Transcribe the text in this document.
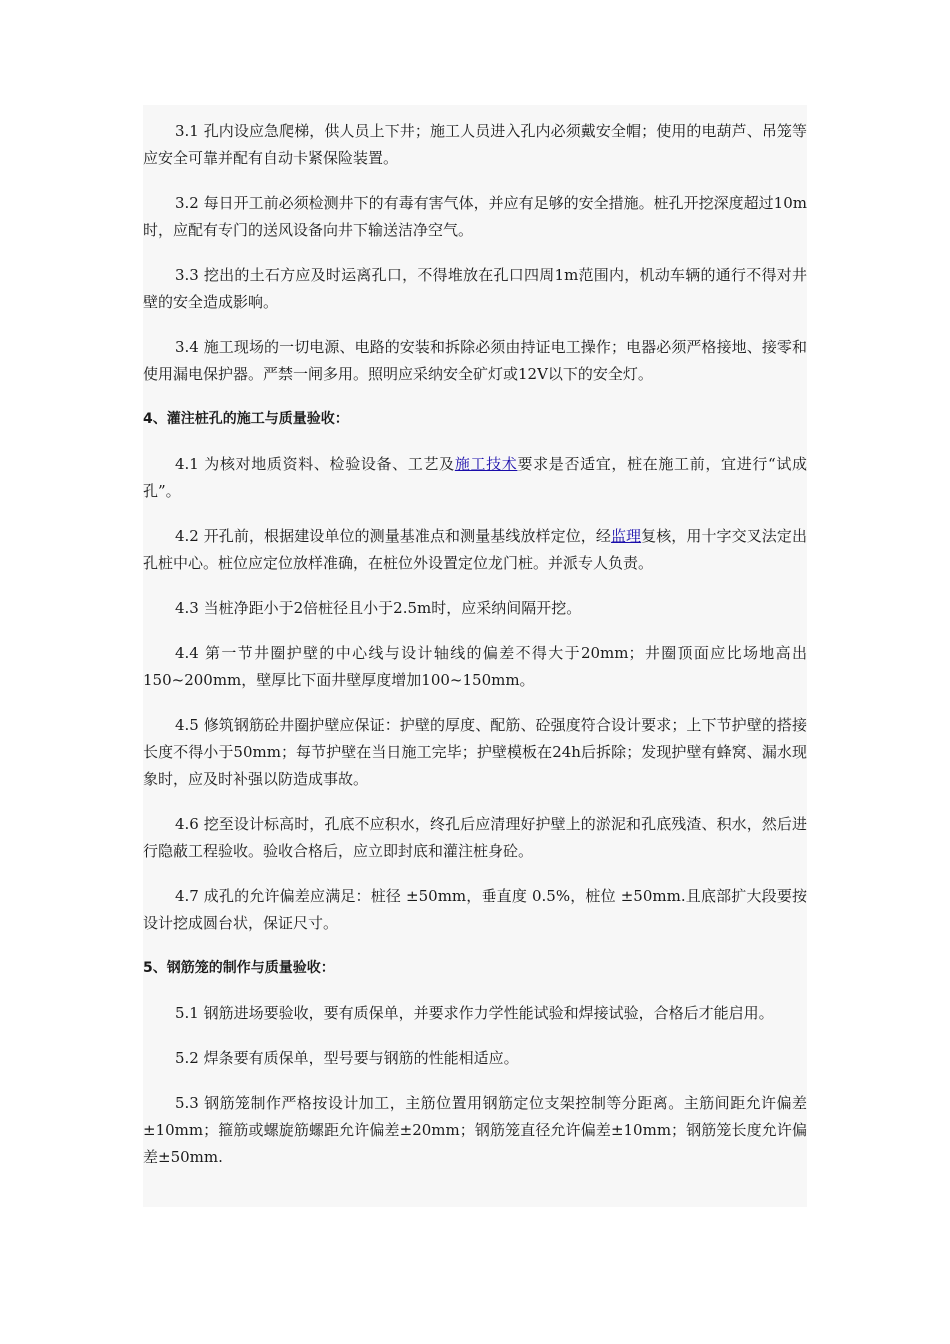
3.1 孔内设应急爬梯，供人员上下井；施工人员进入孔内必须戴安全帽；使用的电葫芦、吊笼等应安全可靠并配有自动卡紧保险装置。

3.2 每日开工前必须检测井下的有毒有害气体，并应有足够的安全措施。桩孔开挖深度超过10m时，应配有专门的送风设备向井下输送洁净空气。

3.3 挖出的土石方应及时运离孔口，不得堆放在孔口四周1m范围内，机动车辆的通行不得对井壁的安全造成影响。

3.4 施工现场的一切电源、电路的安装和拆除必须由持证电工操作；电器必须严格接地、接零和使用漏电保护器。严禁一闸多用。照明应采纳安全矿灯或12V以下的安全灯。

4、灌注桩孔的施工与质量验收：

4.1 为核对地质资料、检验设备、工艺及施工技术要求是否适宜，桩在施工前，宜进行“试成孔”。

4.2 开孔前，根据建设单位的测量基准点和测量基线放样定位，经监理复核，用十字交叉法定出孔桩中心。桩位应定位放样准确，在桩位外设置定位龙门桩。并派专人负责。

4.3 当桩净距小于2倍桩径且小于2.5m时，应采纳间隔开挖。

4.4 第一节井圈护壁的中心线与设计轴线的偏差不得大于20mm；井圈顶面应比场地高出150~200mm，壁厚比下面井壁厚度增加100~150mm。

4.5 修筑钢筋砼井圈护壁应保证：护壁的厚度、配筋、砼强度符合设计要求；上下节护壁的搭接长度不得小于50mm；每节护壁在当日施工完毕；护壁模板在24h后拆除；发现护壁有蜂窝、漏水现象时，应及时补强以防造成事故。

4.6 挖至设计标高时，孔底不应积水，终孔后应清理好护壁上的淤泥和孔底残渣、积水，然后进行隐蔽工程验收。验收合格后，应立即封底和灌注桩身砼。

4.7 成孔的允许偏差应满足：桩径 ±50mm，垂直度 0.5%，桩位 ±50mm.且底部扩大段要按设计挖成圆台状，保证尺寸。

5、钢筋笼的制作与质量验收：

5.1 钢筋进场要验收，要有质保单，并要求作力学性能试验和焊接试验，合格后才能启用。

5.2 焊条要有质保单，型号要与钢筋的性能相适应。

5.3 钢筋笼制作严格按设计加工，主筋位置用钢筋定位支架控制等分距离。主筋间距允许偏差±10mm；箍筋或螺旋筋螺距允许偏差±20mm；钢筋笼直径允许偏差±10mm；钢筋笼长度允许偏差±50mm.
